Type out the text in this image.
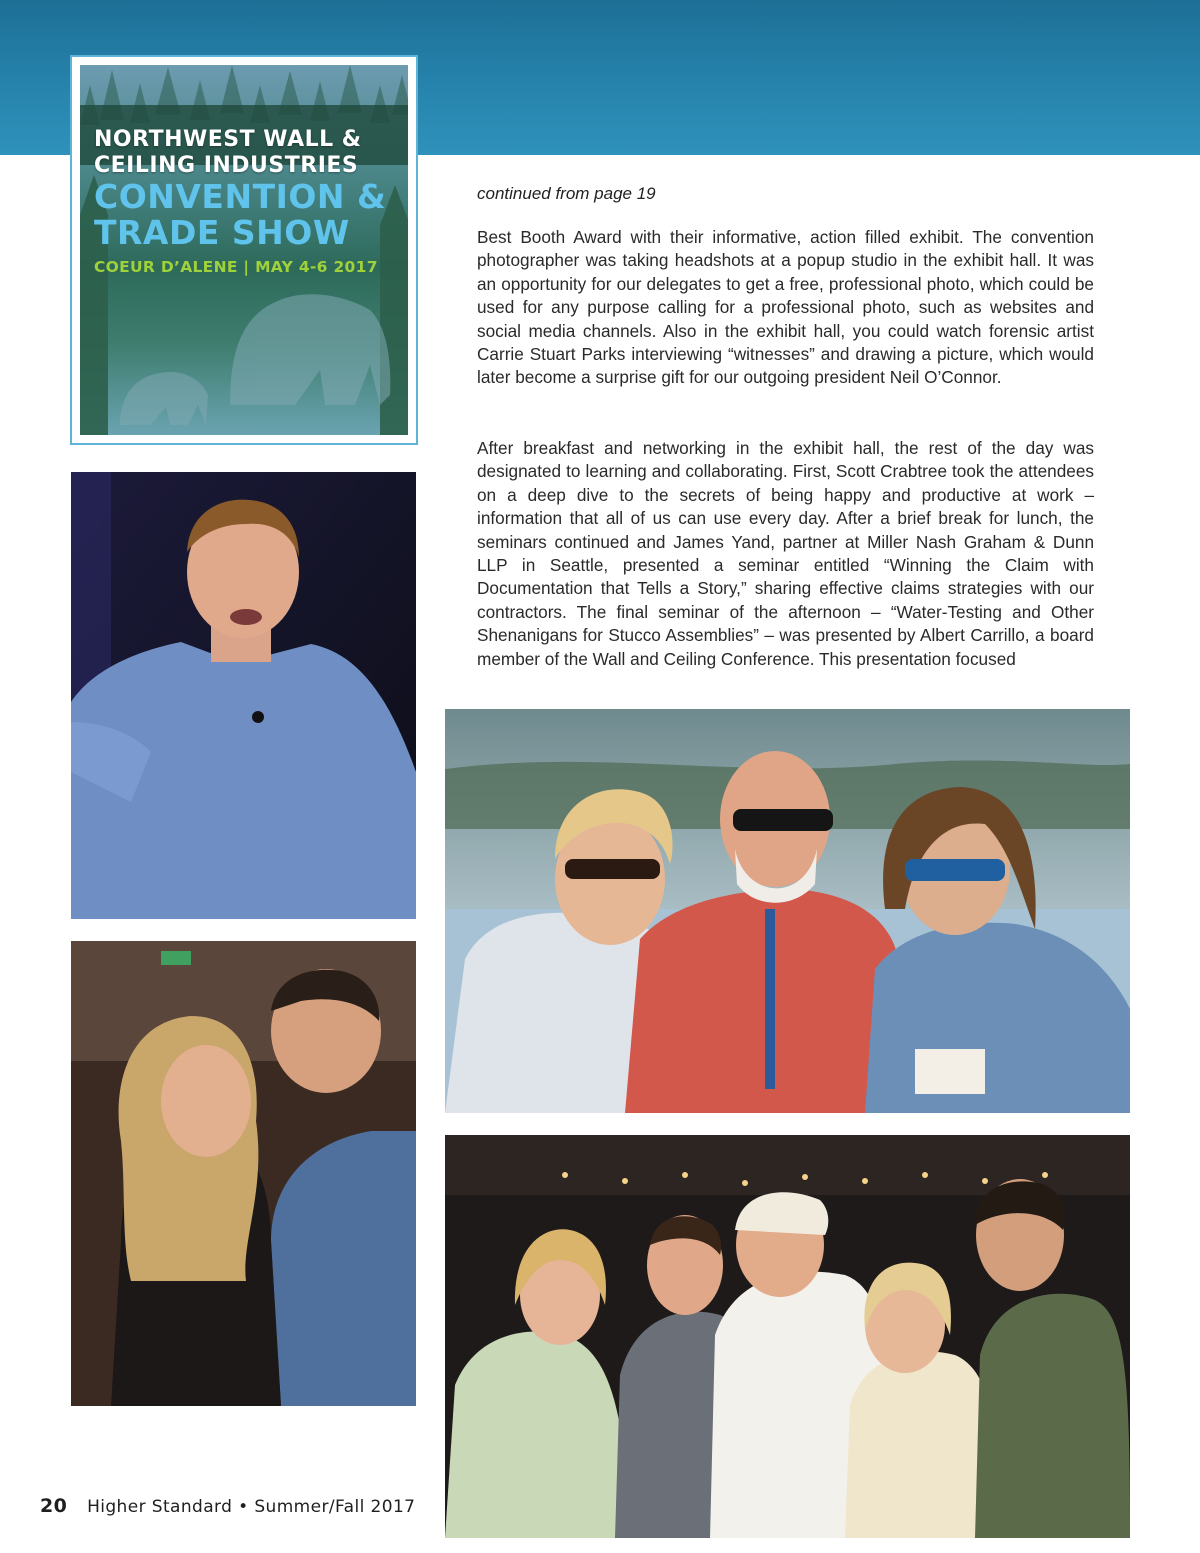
NORTHWEST WALL &
CEILING INDUSTRIES
CONVENTION &
TRADE SHOW
COEUR D’ALENE | MAY 4-6 2017
continued from page 19

Best Booth Award with their informative, action filled exhibit. The convention photographer was taking headshots at a popup studio in the exhibit hall. It was an opportunity for our delegates to get a free, professional photo, which could be used for any purpose calling for a professional photo, such as websites and social media channels. Also in the exhibit hall, you could watch forensic artist Carrie Stuart Parks interviewing “witnesses” and drawing a picture, which would later become a surprise gift for our outgoing president Neil O’Connor.

After breakfast and networking in the exhibit hall, the rest of the day was designated to learning and collaborating. First, Scott Crabtree took the attendees on a deep dive to the secrets of being happy and productive at work – information that all of us can use every day. After a brief break for lunch, the seminars continued and James Yand, partner at Miller Nash Graham & Dunn LLP in Seattle, presented a seminar entitled “Winning the Claim with Documentation that Tells a Story,” sharing effective claims strategies with our contractors. The final seminar of the afternoon – “Water-Testing and Other Shenanigans for Stucco Assemblies” – was presented by Albert Carrillo, a board member of the Wall and Ceiling Conference. This presentation focused

20 Higher Standard • Summer/Fall 2017
